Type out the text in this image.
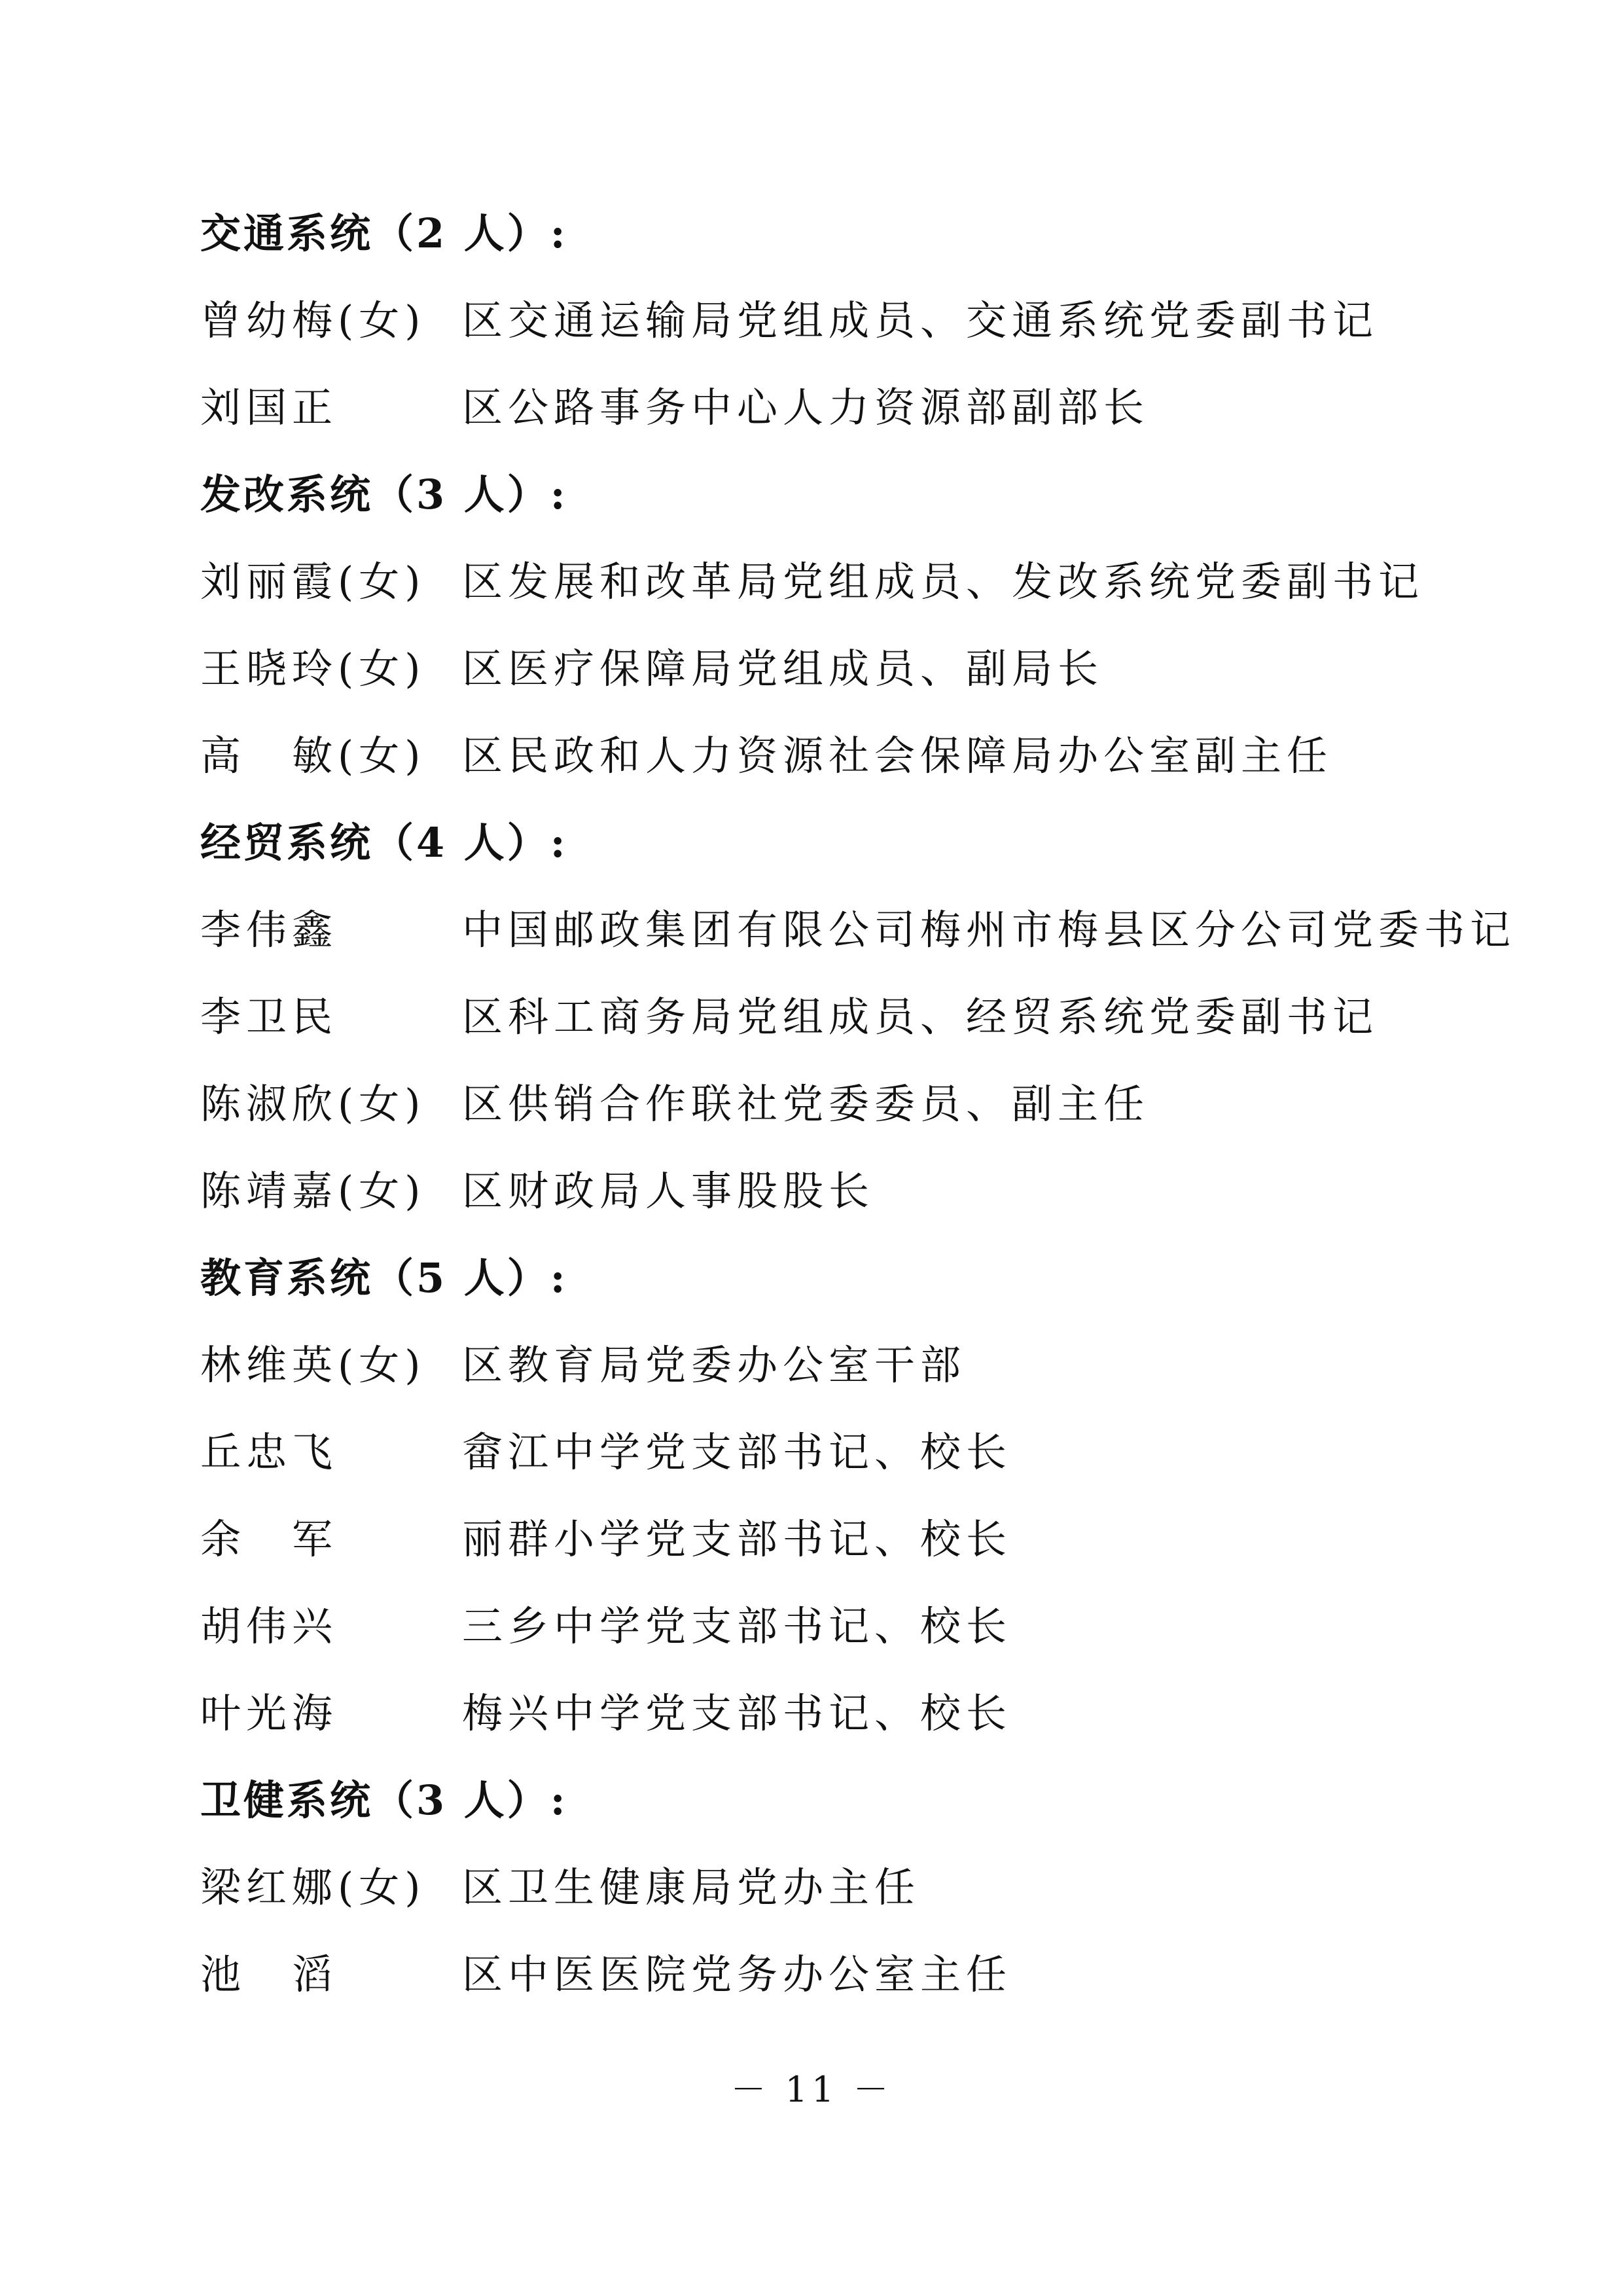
交通系统（2 人）:
曾幼梅(女) 区交通运输局党组成员、交通系统党委副书记
刘国正	区公路事务中心人力资源部副部长
发改系统（3 人）:
刘丽霞(女) 区发展和改革局党组成员、发改系统党委副书记
王晓玲(女) 区医疗保障局党组成员、副局长
高　敏(女) 区民政和人力资源社会保障局办公室副主任
经贸系统（4 人）:
李伟鑫	中国邮政集团有限公司梅州市梅县区分公司党委书记
李卫民	区科工商务局党组成员、经贸系统党委副书记
陈淑欣(女) 区供销合作联社党委委员、副主任
陈靖嘉(女) 区财政局人事股股长
教育系统（5 人）:
林维英(女) 区教育局党委办公室干部
丘忠飞	畲江中学党支部书记、校长
余　军	丽群小学党支部书记、校长
胡伟兴	三乡中学党支部书记、校长
叶光海	梅兴中学党支部书记、校长
卫健系统（3 人）:
梁红娜(女) 区卫生健康局党办主任
池　滔	区中医医院党务办公室主任
－ 11 －
